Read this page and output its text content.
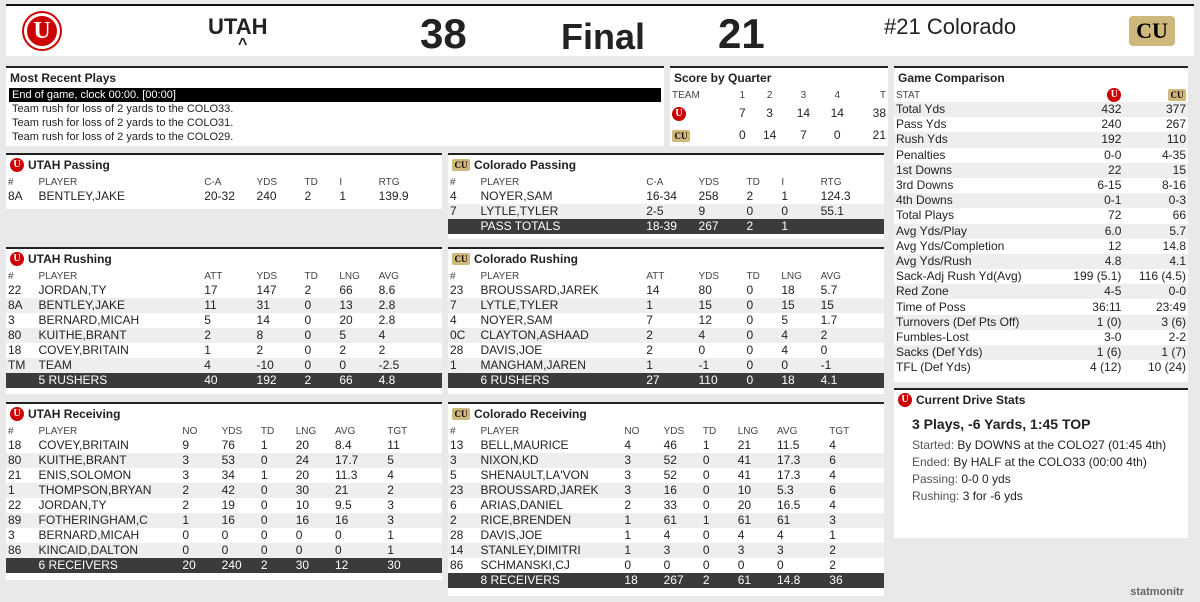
U	UTAH
^	38	Final 21	#21 Colorado	CU
Most Recent Plays
End of game, clock 00:00. [00:00]
Team rush for loss of 2 yards to the COLO33.
Team rush for loss of 2 yards to the COLO31.
Team rush for loss of 2 yards to the COLO29.
Score by Quarter
TEAM	1	2	3	4	T
U	7	3	14	14	38
CU	0	14	7	0	21
U UTAH Passing
#	PLAYER	C-A	YDS	TD	I	RTG
8A	BENTLEY,JAKE	20-32	240	2	1	139.9
CU Colorado Passing
#	PLAYER	C-A	YDS	TD	I	RTG
4	NOYER,SAM	16-34	258	2	1	124.3
7	LYTLE,TYLER	2-5	9	0	0	55.1
	PASS TOTALS	18-39	267	2	1	
U UTAH Rushing
#	PLAYER	ATT	YDS	TD	LNG	AVG
22	JORDAN,TY	17	147	2	66	8.6
8A	BENTLEY,JAKE	11	31	0	13	2.8
3	BERNARD,MICAH	5	14	0	20	2.8
80	KUITHE,BRANT	2	8	0	5	4
18	COVEY,BRITAIN	1	2	0	2	2
TM	TEAM	4	-10	0	0	-2.5
	5 RUSHERS	40	192	2	66	4.8
CU Colorado Rushing
#	PLAYER	ATT	YDS	TD	LNG	AVG
23	BROUSSARD,JAREK	14	80	0	18	5.7
7	LYTLE,TYLER	1	15	0	15	15
4	NOYER,SAM	7	12	0	5	1.7
0C	CLAYTON,ASHAAD	2	4	0	4	2
28	DAVIS,JOE	2	0	0	4	0
1	MANGHAM,JAREN	1	-1	0	0	-1
	6 RUSHERS	27	110	0	18	4.1
U UTAH Receiving
#	PLAYER	NO	YDS	TD	LNG	AVG	TGT
18	COVEY,BRITAIN	9	76	1	20	8.4	11
80	KUITHE,BRANT	3	53	0	24	17.7	5
21	ENIS,SOLOMON	3	34	1	20	11.3	4
1	THOMPSON,BRYAN	2	42	0	30	21	2
22	JORDAN,TY	2	19	0	10	9.5	3
89	FOTHERINGHAM,C	1	16	0	16	16	3
3	BERNARD,MICAH	0	0	0	0	0	1
86	KINCAID,DALTON	0	0	0	0	0	1
	6 RECEIVERS	20	240	2	30	12	30
CU Colorado Receiving
#	PLAYER	NO	YDS	TD	LNG	AVG	TGT
13	BELL,MAURICE	4	46	1	21	11.5	4
3	NIXON,KD	3	52	0	41	17.3	6
5	SHENAULT,LA'VON	3	52	0	41	17.3	4
23	BROUSSARD,JAREK	3	16	0	10	5.3	6
6	ARIAS,DANIEL	2	33	0	20	16.5	4
2	RICE,BRENDEN	1	61	1	61	61	3
28	DAVIS,JOE	1	4	0	4	4	1
14	STANLEY,DIMITRI	1	3	0	3	3	2
86	SCHMANSKI,CJ	0	0	0	0	0	2
	8 RECEIVERS	18	267	2	61	14.8	36
Game Comparison
STAT	U	CU
Total Yds	432	377
Pass Yds	240	267
Rush Yds	192	110
Penalties	0-0	4-35
1st Downs	22	15
3rd Downs	6-15	8-16
4th Downs	0-1	0-3
Total Plays	72	66
Avg Yds/Play	6.0	5.7
Avg Yds/Completion	12	14.8
Avg Yds/Rush	4.8	4.1
Sack-Adj Rush Yd(Avg)	199 (5.1)	116 (4.5)
Red Zone	4-5	0-0
Time of Poss	36:11	23:49
Turnovers (Def Pts Off)	1 (0)	3 (6)
Fumbles-Lost	3-0	2-2
Sacks (Def Yds)	1 (6)	1 (7)
TFL (Def Yds)	4 (12)	10 (24)
U Current Drive Stats
3 Plays, -6 Yards, 1:45 TOP
Started: By DOWNS at the COLO27 (01:45 4th)
Ended: By HALF at the COLO33 (00:00 4th)
Passing: 0-0 0 yds
Rushing: 3 for -6 yds
statmonitr
